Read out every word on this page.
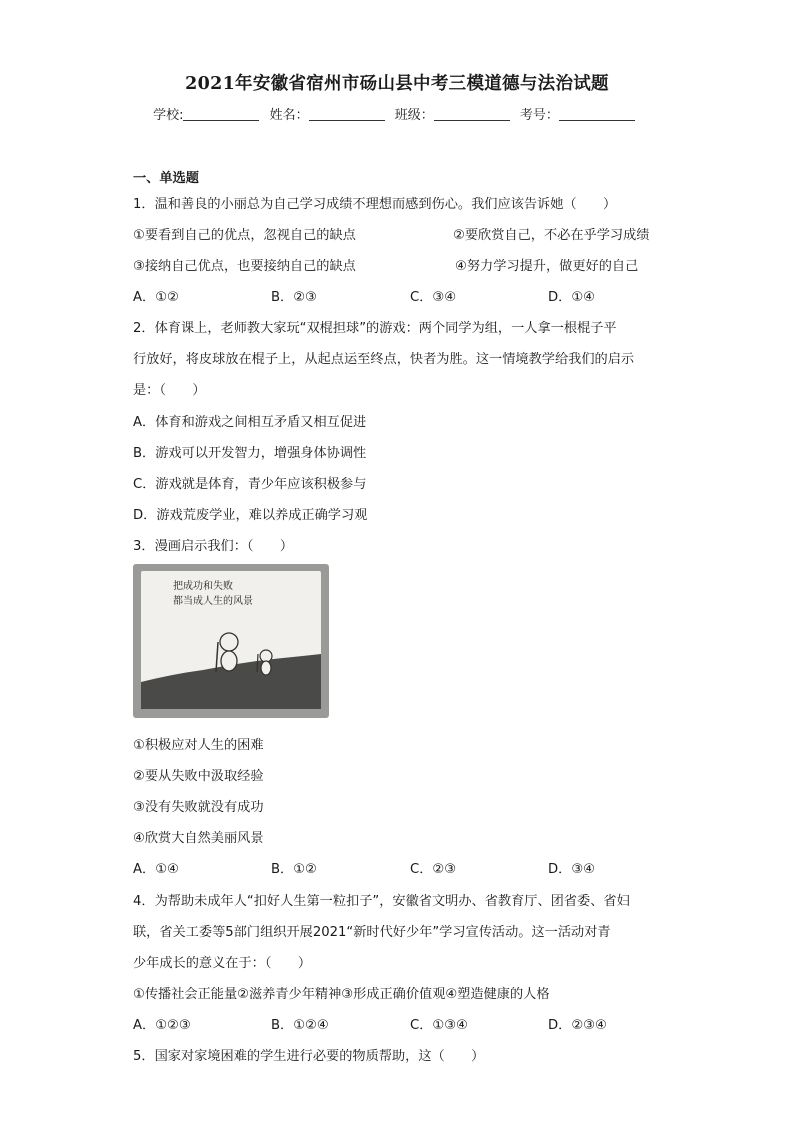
2021年安徽省宿州市砀山县中考三模道德与法治试题
学校:	姓名：	班级：	考号：
一、单选题
1．温和善良的小丽总为自己学习成绩不理想而感到伤心。我们应该告诉她（　　）
①要看到自己的优点，忽视自己的缺点	②要欣赏自己，不必在乎学习成绩
③接纳自己优点，也要接纳自己的缺点	④努力学习提升，做更好的自己
A．①②	B．②③	C．③④	D．①④
2．体育课上，老师教大家玩“双棍担球”的游戏：两个同学为组，一人拿一根棍子平
行放好，将皮球放在棍子上，从起点运至终点，快者为胜。这一情境教学给我们的启示
是：（　　）
A．体育和游戏之间相互矛盾又相互促进
B．游戏可以开发智力，增强身体协调性
C．游戏就是体育，青少年应该积极参与
D．游戏荒废学业，难以养成正确学习观
3．漫画启示我们：（　　）
把成功和失败
都当成人生的风景
①积极应对人生的困难
②要从失败中汲取经验
③没有失败就没有成功
④欣赏大自然美丽风景
A．①④	B．①②	C．②③	D．③④
4．为帮助未成年人“扣好人生第一粒扣子”，安徽省文明办、省教育厅、团省委、省妇
联，省关工委等5部门组织开展2021“新时代好少年”学习宣传活动。这一活动对青
少年成长的意义在于：（　　）
①传播社会正能量②滋养青少年精神③形成正确价值观④塑造健康的人格
A．①②③	B．①②④	C．①③④	D．②③④
5．国家对家境困难的学生进行必要的物质帮助，这（　　）
